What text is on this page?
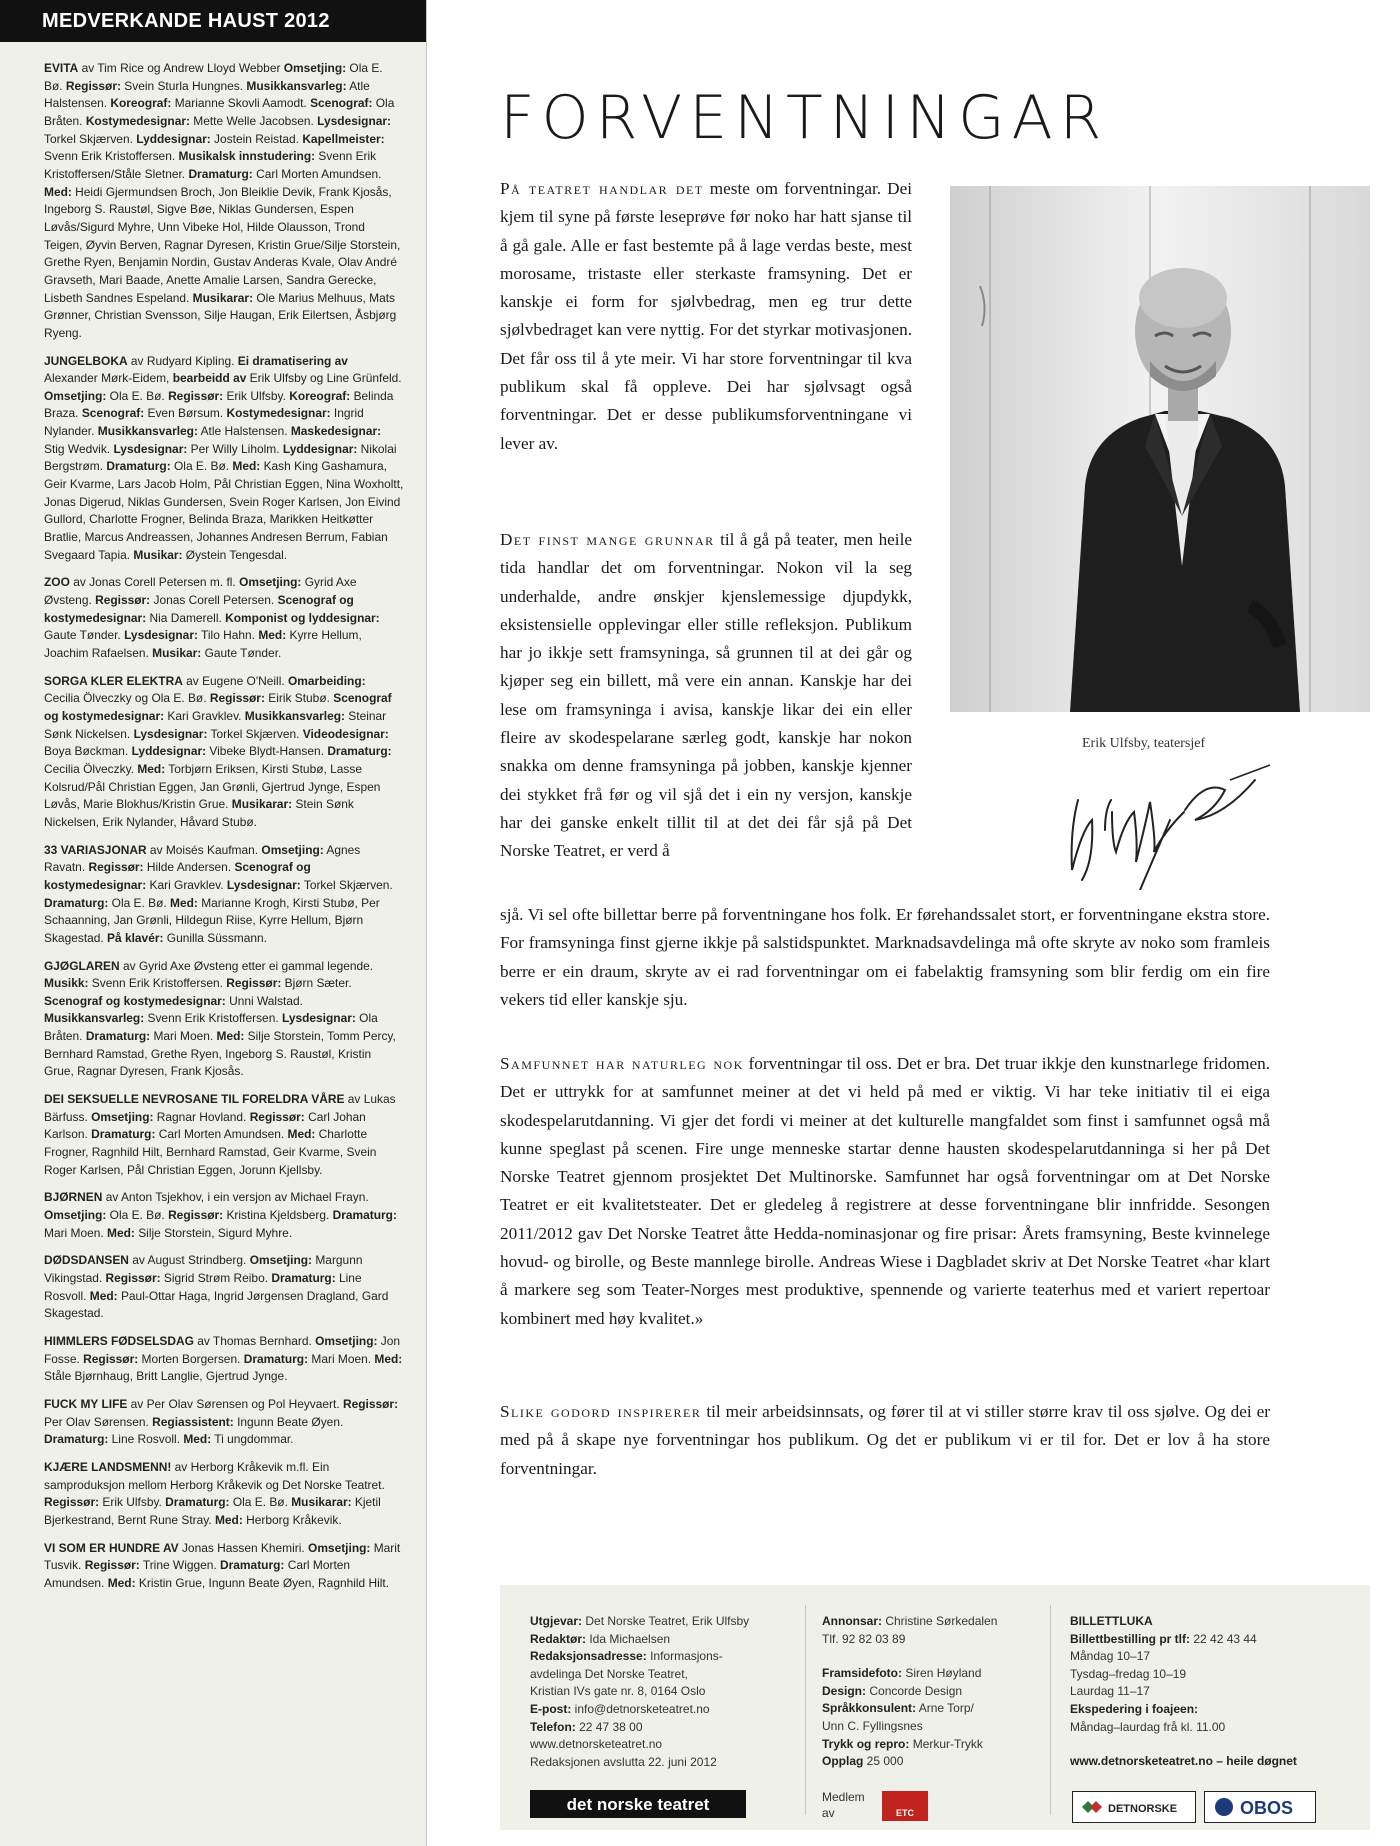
MEDVERKANDE HAUST 2012

EVITA av Tim Rice og Andrew Lloyd Webber Omsetjing: Ola E. Bø. Regissør: Svein Sturla Hungnes. Musikkansvarleg: Atle Halstensen. Koreograf: Marianne Skovli Aamodt. Scenograf: Ola Bråten. Kostymedesignar: Mette Welle Jacobsen. Lysdesignar: Torkel Skjærven. Lyddesignar: Jostein Reistad. Kapellmeister: Svenn Erik Kristoffersen. Musikalsk innstudering: Svenn Erik Kristoffersen/Ståle Sletner. Dramaturg: Carl Morten Amundsen. Med: Heidi Gjermundsen Broch, Jon Bleiklie Devik, Frank Kjosås, Ingeborg S. Raustøl, Sigve Bøe, Niklas Gundersen, Espen Løvås/Sigurd Myhre, Unn Vibeke Hol, Hilde Olausson, Trond Teigen, Øyvin Berven, Ragnar Dyresen, Kristin Grue/Silje Storstein, Grethe Ryen, Benjamin Nordin, Gustav Anderas Kvale, Olav André Gravseth, Mari Baade, Anette Amalie Larsen, Sandra Gerecke, Lisbeth Sandnes Espeland. Musikarar: Ole Marius Melhuus, Mats Grønner, Christian Svensson, Silje Haugan, Erik Eilertsen, Åsbjørg Ryeng.

JUNGELBOKA av Rudyard Kipling. Ei dramatisering av Alexander Mørk-Eidem, bearbeidd av Erik Ulfsby og Line Grünfeld. Omsetjing: Ola E. Bø. Regissør: Erik Ulfsby. Koreograf: Belinda Braza. Scenograf: Even Børsum. Kostymedesignar: Ingrid Nylander. Musikkansvarleg: Atle Halstensen. Maskedesignar: Stig Wedvik. Lysdesignar: Per Willy Liholm. Lyddesignar: Nikolai Bergstrøm. Dramaturg: Ola E. Bø. Med: Kash King Gashamura, Geir Kvarme, Lars Jacob Holm, Pål Christian Eggen, Nina Woxholtt, Jonas Digerud, Niklas Gundersen, Svein Roger Karlsen, Jon Eivind Gullord, Charlotte Frogner, Belinda Braza, Marikken Heitkøtter Bratlie, Marcus Andreassen, Johannes Andresen Berrum, Fabian Svegaard Tapia. Musikar: Øystein Tengesdal.

ZOO av Jonas Corell Petersen m. fl. Omsetjing: Gyrid Axe Øvsteng. Regissør: Jonas Corell Petersen. Scenograf og kostymedesignar: Nia Damerell. Komponist og lyddesignar: Gaute Tønder. Lysdesignar: Tilo Hahn. Med: Kyrre Hellum, Joachim Rafaelsen. Musikar: Gaute Tønder.

SORGA KLER ELEKTRA av Eugene O'Neill. Omarbeiding: Cecilia Ölveczky og Ola E. Bø. Regissør: Eirik Stubø. Scenograf og kostymedesignar: Kari Gravklev. Musikkansvarleg: Steinar Sønk Nickelsen. Lysdesignar: Torkel Skjærven. Videodesignar: Boya Bøckman. Lyddesignar: Vibeke Blydt-Hansen. Dramaturg: Cecilia Ölveczky. Med: Torbjørn Eriksen, Kirsti Stubø, Lasse Kolsrud/Pål Christian Eggen, Jan Grønli, Gjertrud Jynge, Espen Løvås, Marie Blokhus/Kristin Grue. Musikarar: Stein Sønk Nickelsen, Erik Nylander, Håvard Stubø.

33 VARIASJONAR av Moisés Kaufman. Omsetjing: Agnes Ravatn. Regissør: Hilde Andersen. Scenograf og kostymedesignar: Kari Gravklev. Lysdesignar: Torkel Skjærven. Dramaturg: Ola E. Bø. Med: Marianne Krogh, Kirsti Stubø, Per Schaanning, Jan Grønli, Hildegun Riise, Kyrre Hellum, Bjørn Skagestad. På klavér: Gunilla Süssmann.

GJØGLAREN av Gyrid Axe Øvsteng etter ei gammal legende. Musikk: Svenn Erik Kristoffersen. Regissør: Bjørn Sæter. Scenograf og kostymedesignar: Unni Walstad. Musikkansvarleg: Svenn Erik Kristoffersen. Lysdesignar: Ola Bråten. Dramaturg: Mari Moen. Med: Silje Storstein, Tomm Percy, Bernhard Ramstad, Grethe Ryen, Ingeborg S. Raustøl, Kristin Grue, Ragnar Dyresen, Frank Kjosås.

DEI SEKSUELLE NEVROSANE TIL FORELDRA VÅRE av Lukas Bärfuss. Omsetjing: Ragnar Hovland. Regissør: Carl Johan Karlson. Dramaturg: Carl Morten Amundsen. Med: Charlotte Frogner, Ragnhild Hilt, Bernhard Ramstad, Geir Kvarme, Svein Roger Karlsen, Pål Christian Eggen, Jorunn Kjellsby.

BJØRNEN av Anton Tsjekhov, i ein versjon av Michael Frayn. Omsetjing: Ola E. Bø. Regissør: Kristina Kjeldsberg. Dramaturg: Mari Moen. Med: Silje Storstein, Sigurd Myhre.

DØDSDANSEN av August Strindberg. Omsetjing: Margunn Vikingstad. Regissør: Sigrid Strøm Reibo. Dramaturg: Line Rosvoll. Med: Paul-Ottar Haga, Ingrid Jørgensen Dragland, Gard Skagestad.

HIMMLERS FØDSELSDAG av Thomas Bernhard. Omsetjing: Jon Fosse. Regissør: Morten Borgersen. Dramaturg: Mari Moen. Med: Ståle Bjørnhaug, Britt Langlie, Gjertrud Jynge.

FUCK MY LIFE av Per Olav Sørensen og Pol Heyvaert. Regissør: Per Olav Sørensen. Regiassistent: Ingunn Beate Øyen. Dramaturg: Line Rosvoll. Med: Ti ungdommar.

KJÆRE LANDSMENN! av Herborg Kråkevik m.fl. Ein samproduksjon mellom Herborg Kråkevik og Det Norske Teatret. Regissør: Erik Ulfsby. Dramaturg: Ola E. Bø. Musikarar: Kjetil Bjerkestrand, Bernt Rune Stray. Med: Herborg Kråkevik.

VI SOM ER HUNDRE AV Jonas Hassen Khemiri. Omsetjing: Marit Tusvik. Regissør: Trine Wiggen. Dramaturg: Carl Morten Amundsen. Med: Kristin Grue, Ingunn Beate Øyen, Ragnhild Hilt.

FORVENTNINGAR

På teatret handlar det meste om forventningar. Dei kjem til syne på første leseprøve før noko har hatt sjanse til å gå gale. Alle er fast bestemte på å lage verdas beste, mest morosame, tristaste eller sterkaste framsyning. Det er kanskje ei form for sjølvbedrag, men eg trur dette sjølvbedraget kan vere nyttig. For det styrkar motivasjonen. Det får oss til å yte meir. Vi har store forventningar til kva publikum skal få oppleve. Dei har sjølvsagt også forventningar. Det er desse publikumsforventningane vi lever av.

Det finst mange grunnar til å gå på teater, men heile tida handlar det om forventningar. Nokon vil la seg underhalde, andre ønskjer kjenslemessige djupdykk, eksistensielle opplevingar eller stille refleksjon. Publikum har jo ikkje sett framsyninga, så grunnen til at dei går og kjøper seg ein billett, må vere ein annan. Kanskje har dei lese om framsyninga i avisa, kanskje likar dei ein eller fleire av skodespelarane særleg godt, kanskje har nokon snakka om denne framsyninga på jobben, kanskje kjenner dei stykket frå før og vil sjå det i ein ny versjon, kanskje har dei ganske enkelt tillit til at det dei får sjå på Det Norske Teatret, er verd å

sjå. Vi sel ofte billettar berre på forventningane hos folk. Er førehandssalet stort, er forventningane ekstra store. For framsyninga finst gjerne ikkje på salstidspunktet. Marknadsavdelinga må ofte skryte av noko som framleis berre er ein draum, skryte av ei rad forventningar om ei fabelaktig framsyning som blir ferdig om ein fire vekers tid eller kanskje sju.

Samfunnet har naturleg nok forventningar til oss. Det er bra. Det truar ikkje den kunstnarlege fridomen. Det er uttrykk for at samfunnet meiner at det vi held på med er viktig. Vi har teke initiativ til ei eiga skodespelarutdanning. Vi gjer det fordi vi meiner at det kulturelle mangfaldet som finst i samfunnet også må kunne speglast på scenen. Fire unge menneske startar denne hausten skodespelarutdanninga si her på Det Norske Teatret gjennom prosjektet Det Multinorske. Samfunnet har også forventningar om at Det Norske Teatret er eit kvalitetsteater. Det er gledeleg å registrere at desse forventningane blir innfridde. Sesongen 2011/2012 gav Det Norske Teatret åtte Hedda-nominasjonar og fire prisar: Årets framsyning, Beste kvinnelege hovud- og birolle, og Beste mannlege birolle. Andreas Wiese i Dagbladet skriv at Det Norske Teatret «har klart å markere seg som Teater-Norges mest produktive, spennende og varierte teaterhus med et variert repertoar kombinert med høy kvalitet.»

Slike godord inspirerer til meir arbeidsinnsats, og fører til at vi stiller større krav til oss sjølve. Og dei er med på å skape nye forventningar hos publikum. Og det er publikum vi er til for. Det er lov å ha store forventningar.

Erik Ulfsby, teatersjef
Utgjevar: Det Norske Teatret, Erik Ulfsby
Redaktør: Ida Michaelsen
Redaksjonsadresse: Informasjons-
avdelinga Det Norske Teatret,
Kristian IVs gate nr. 8, 0164 Oslo
E-post: info@detnorsketeatret.no
Telefon: 22 47 38 00
www.detnorsketeatret.no
Redaksjonen avslutta 22. juni 2012
Annonsar: Christine Sørkedalen
Tlf. 92 82 03 89
Framsidefoto: Siren Høyland
Design: Concorde Design
Språkkonsulent: Arne Torp/
Unn C. Fyllingsnes
Trykk og repro: Merkur-Trykk
Opplag 25 000
BILLETTLUKA
Billettbestilling pr tlf: 22 42 43 44
Måndag 10–17
Tysdag–fredag 10–19
Laurdag 11–17
Ekspedering i foajeen:
Måndag–laurdag frå kl. 11.00
www.detnorsketeatret.no – heile døgnet
det norske teatret	Medlem av	ETC	DETNORSKE	OBOS
